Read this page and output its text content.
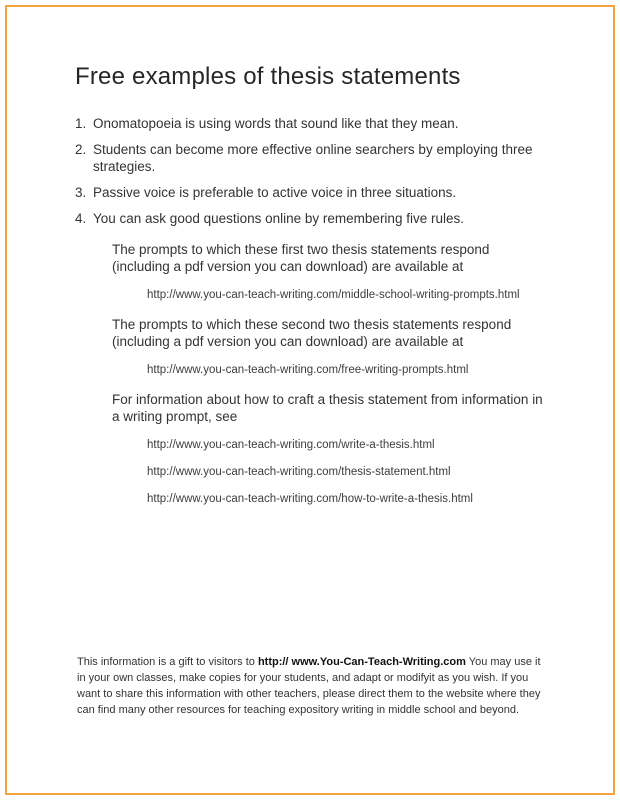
Free examples of thesis statements
1. Onomatopoeia is using words that sound like that they mean.
2. Students can become more effective online searchers by employing three strategies.
3. Passive voice is preferable to active voice in three situations.
4. You can ask good questions online by remembering five rules.

The prompts to which these first two thesis statements respond (including a pdf version you can download) are available at

http://www.you-can-teach-writing.com/middle-school-writing-prompts.html

The prompts to which these second two thesis statements respond (including a pdf version you can download) are available at

http://www.you-can-teach-writing.com/free-writing-prompts.html

For information about how to craft a thesis statement from information in a writing prompt, see

http://www.you-can-teach-writing.com/write-a-thesis.html

http://www.you-can-teach-writing.com/thesis-statement.html

http://www.you-can-teach-writing.com/how-to-write-a-thesis.html

This information is a gift to visitors to http:// www.You-Can-Teach-Writing.com You may use it in your own classes, make copies for your students, and adapt or modifyit as you wish. If you want to share this information with other teachers, please direct them to the website where they can find many other resources for teaching expository writing in middle school and beyond.
